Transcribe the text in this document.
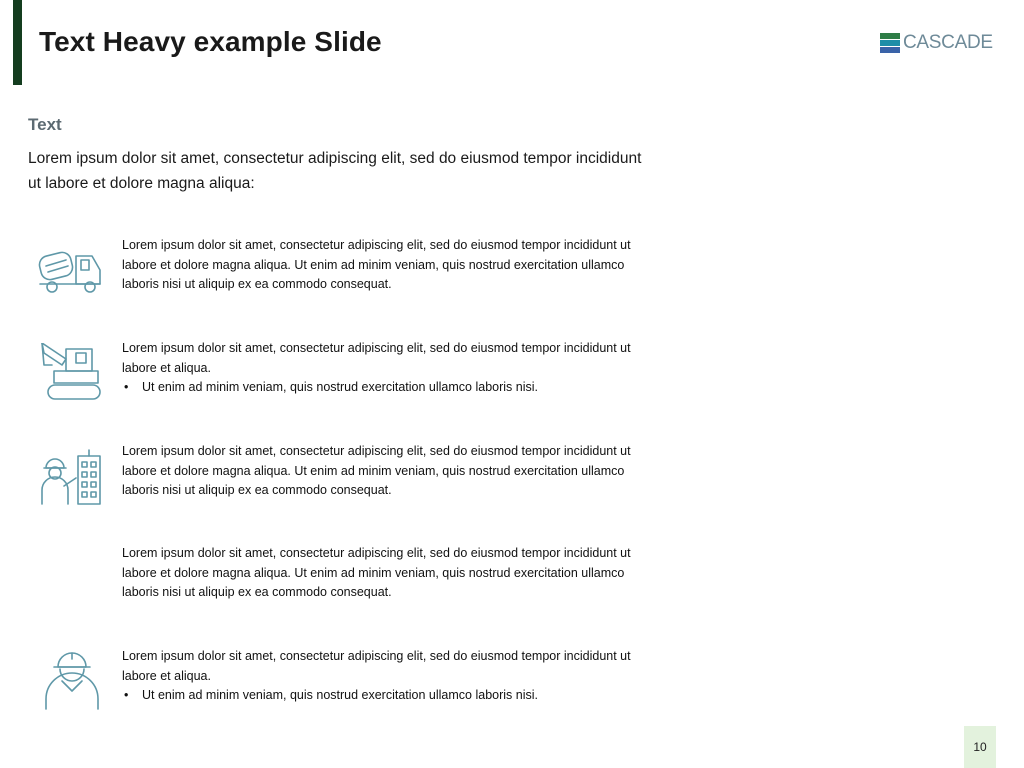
Text Heavy example Slide	CASCADE
Text
Lorem ipsum dolor sit amet, consectetur adipiscing elit, sed do eiusmod tempor incididunt ut labore et dolore magna aliqua:
Lorem ipsum dolor sit amet, consectetur adipiscing elit, sed do eiusmod tempor incididunt ut labore et dolore magna aliqua. Ut enim ad minim veniam, quis nostrud exercitation ullamco laboris nisi ut aliquip ex ea commodo consequat.
Lorem ipsum dolor sit amet, consectetur adipiscing elit, sed do eiusmod tempor incididunt ut labore et aliqua.
• Ut enim ad minim veniam, quis nostrud exercitation ullamco laboris nisi.
Lorem ipsum dolor sit amet, consectetur adipiscing elit, sed do eiusmod tempor incididunt ut labore et dolore magna aliqua. Ut enim ad minim veniam, quis nostrud exercitation ullamco laboris nisi ut aliquip ex ea commodo consequat.
Lorem ipsum dolor sit amet, consectetur adipiscing elit, sed do eiusmod tempor incididunt ut labore et dolore magna aliqua. Ut enim ad minim veniam, quis nostrud exercitation ullamco laboris nisi ut aliquip ex ea commodo consequat.
Lorem ipsum dolor sit amet, consectetur adipiscing elit, sed do eiusmod tempor incididunt ut labore et aliqua.
• Ut enim ad minim veniam, quis nostrud exercitation ullamco laboris nisi.
10
